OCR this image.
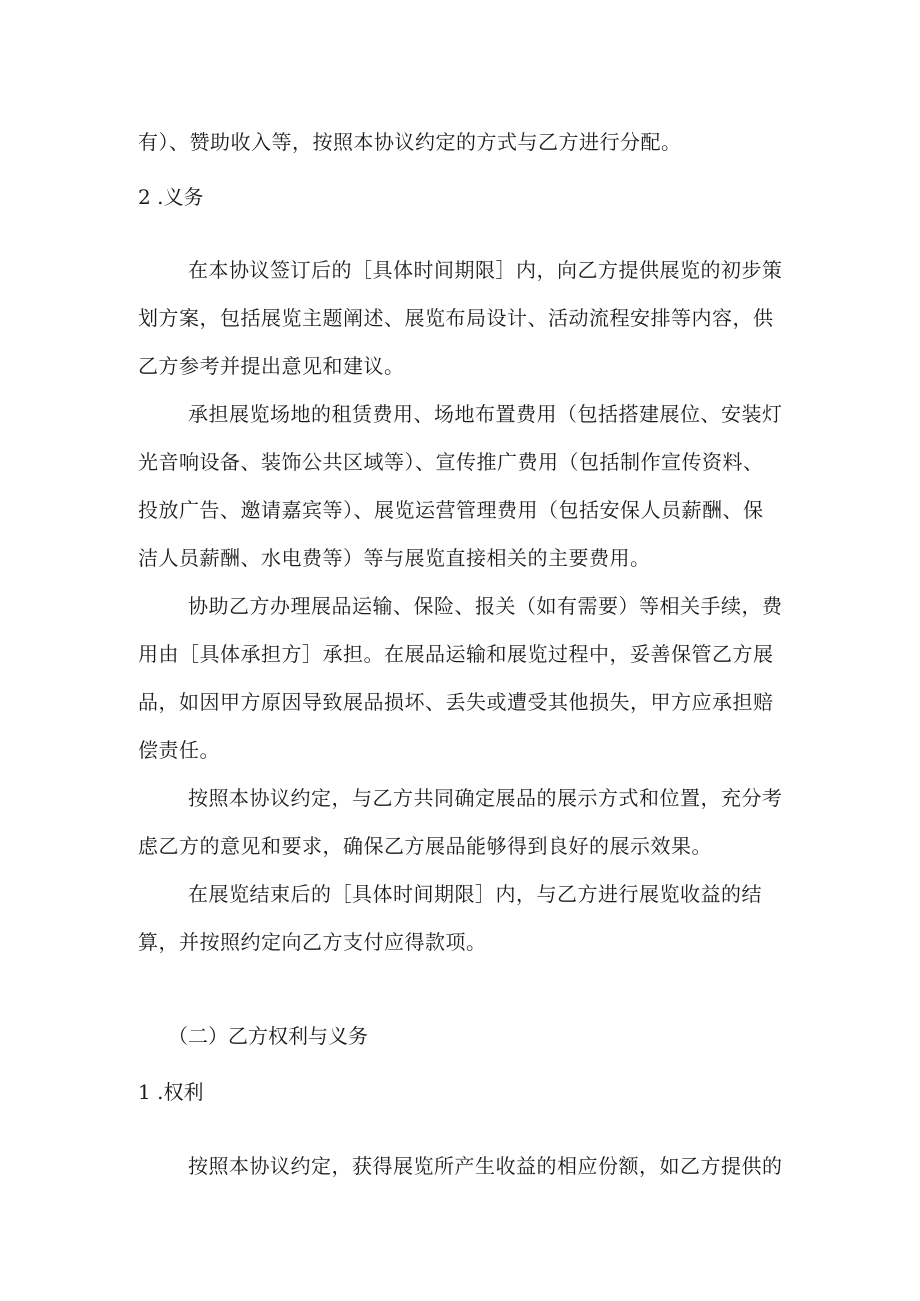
有）、赞助收入等，按照本协议约定的方式与乙方进行分配。
2 .义务
在本协议签订后的［具体时间期限］内，向乙方提供展览的初步策
划方案，包括展览主题阐述、展览布局设计、活动流程安排等内容，供
乙方参考并提出意见和建议。
承担展览场地的租赁费用、场地布置费用（包括搭建展位、安装灯
光音响设备、装饰公共区域等）、宣传推广费用（包括制作宣传资料、
投放广告、邀请嘉宾等）、展览运营管理费用（包括安保人员薪酬、保
洁人员薪酬、水电费等）等与展览直接相关的主要费用。
协助乙方办理展品运输、保险、报关（如有需要）等相关手续，费
用由［具体承担方］承担。在展品运输和展览过程中，妥善保管乙方展
品，如因甲方原因导致展品损坏、丢失或遭受其他损失，甲方应承担赔
偿责任。
按照本协议约定，与乙方共同确定展品的展示方式和位置，充分考
虑乙方的意见和要求，确保乙方展品能够得到良好的展示效果。
在展览结束后的［具体时间期限］内，与乙方进行展览收益的结
算，并按照约定向乙方支付应得款项。
（二）乙方权利与义务
1 .权利
按照本协议约定，获得展览所产生收益的相应份额，如乙方提供的
